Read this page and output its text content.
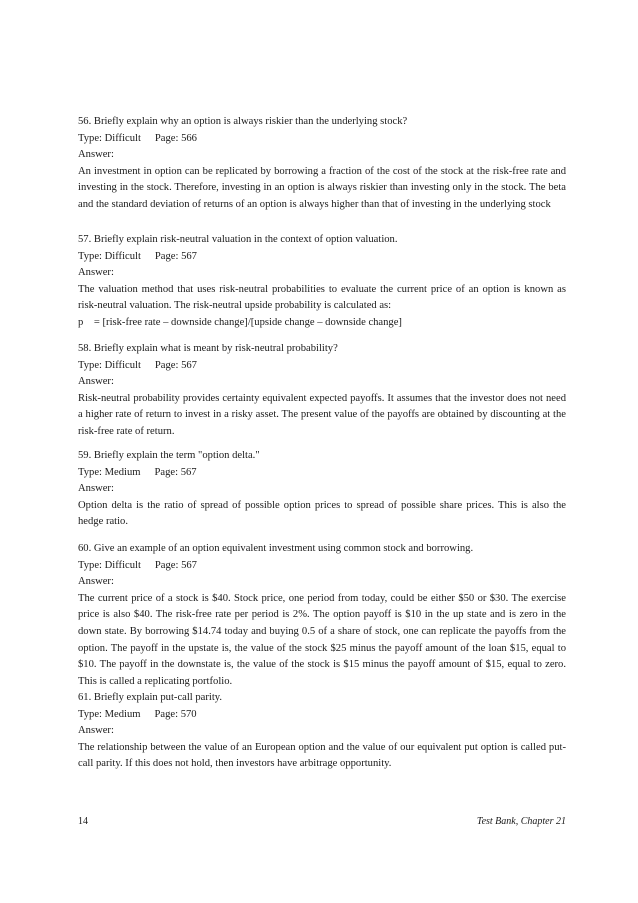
56. Briefly explain why an option is always riskier than the underlying stock?

Type: Difficult Page: 566

Answer:

An investment in option can be replicated by borrowing a fraction of the cost of the stock at the risk-free rate and investing in the stock. Therefore, investing in an option is always riskier than investing only in the stock. The beta and the standard deviation of returns of an option is always higher than that of investing in the underlying stock

57. Briefly explain risk-neutral valuation in the context of option valuation.

Type: Difficult Page: 567

Answer:

The valuation method that uses risk-neutral probabilities to evaluate the current price of an option is known as risk-neutral valuation. The risk-neutral upside probability is calculated as:

p    = [risk-free rate – downside change]/[upside change – downside change]

58. Briefly explain what is meant by risk-neutral probability?

Type: Difficult Page: 567

Answer:

Risk-neutral probability provides certainty equivalent expected payoffs. It assumes that the investor does not need a higher rate of return to invest in a risky asset. The present value of the payoffs are obtained by discounting at the risk-free rate of return.

59. Briefly explain the term "option delta."

Type: Medium Page: 567

Answer:

Option delta is the ratio of spread of possible option prices to spread of possible share prices. This is also the hedge ratio.

60. Give an example of an option equivalent investment using common stock and borrowing.

Type: Difficult Page: 567

Answer:

The current price of a stock is $40. Stock price, one period from today, could be either $50 or $30. The exercise price is also $40. The risk-free rate per period is 2%. The option payoff is $10 in the up state and is zero in the down state. By borrowing $14.74 today and buying 0.5 of a share of stock, one can replicate the payoffs from the option. The payoff in the upstate is, the value of the stock $25 minus the payoff amount of the loan $15, equal to $10. The payoff in the downstate is, the value of the stock is $15 minus the payoff amount of $15, equal to zero. This is called a replicating portfolio.

61. Briefly explain put-call parity.

Type: Medium Page: 570

Answer:

The relationship between the value of an European option and the value of our equivalent put option is called put-call parity. If this does not hold, then investors have arbitrage opportunity.

14	Test Bank, Chapter 21
